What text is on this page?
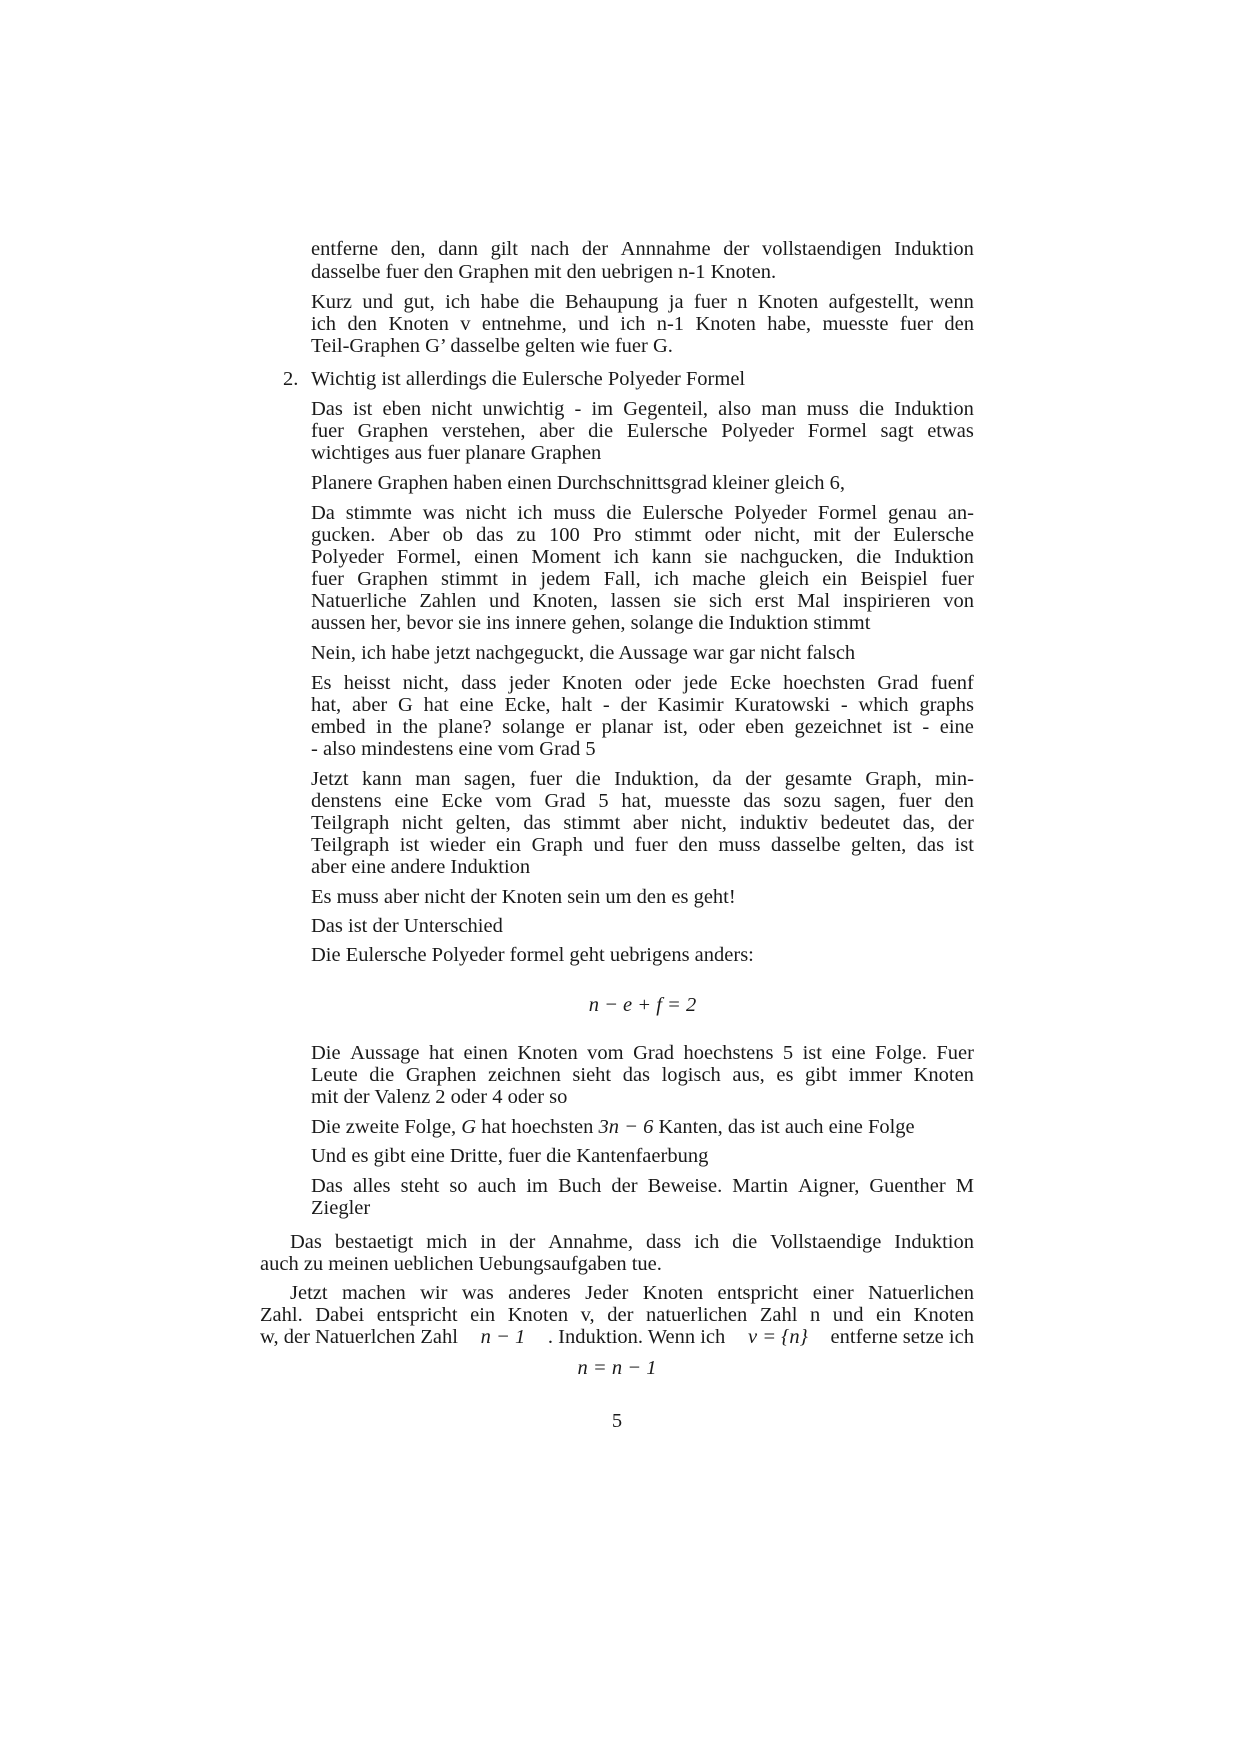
entferne den, dann gilt nach der Annnahme der vollstaendigen Induktion
dasselbe fuer den Graphen mit den uebrigen n-1 Knoten.
Kurz und gut, ich habe die Behaupung ja fuer n Knoten aufgestellt, wenn
ich den Knoten v entnehme, und ich n-1 Knoten habe, muesste fuer den
Teil-Graphen G’ dasselbe gelten wie fuer G.
2. Wichtig ist allerdings die Eulersche Polyeder Formel
Das ist eben nicht unwichtig - im Gegenteil, also man muss die Induktion
fuer Graphen verstehen, aber die Eulersche Polyeder Formel sagt etwas
wichtiges aus fuer planare Graphen
Planere Graphen haben einen Durchschnittsgrad kleiner gleich 6,
Da stimmte was nicht ich muss die Eulersche Polyeder Formel genau an-
gucken. Aber ob das zu 100 Pro stimmt oder nicht, mit der Eulersche
Polyeder Formel, einen Moment ich kann sie nachgucken, die Induktion
fuer Graphen stimmt in jedem Fall, ich mache gleich ein Beispiel fuer
Natuerliche Zahlen und Knoten, lassen sie sich erst Mal inspirieren von
aussen her, bevor sie ins innere gehen, solange die Induktion stimmt
Nein, ich habe jetzt nachgeguckt, die Aussage war gar nicht falsch
Es heisst nicht, dass jeder Knoten oder jede Ecke hoechsten Grad fuenf
hat, aber G hat eine Ecke, halt - der Kasimir Kuratowski - which graphs
embed in the plane? solange er planar ist, oder eben gezeichnet ist - eine
- also mindestens eine vom Grad 5
Jetzt kann man sagen, fuer die Induktion, da der gesamte Graph, min-
denstens eine Ecke vom Grad 5 hat, muesste das sozu sagen, fuer den
Teilgraph nicht gelten, das stimmt aber nicht, induktiv bedeutet das, der
Teilgraph ist wieder ein Graph und fuer den muss dasselbe gelten, das ist
aber eine andere Induktion
Es muss aber nicht der Knoten sein um den es geht!
Das ist der Unterschied
Die Eulersche Polyeder formel geht uebrigens anders:
n − e + f = 2
Die Aussage hat einen Knoten vom Grad hoechstens 5 ist eine Folge. Fuer
Leute die Graphen zeichnen sieht das logisch aus, es gibt immer Knoten
mit der Valenz 2 oder 4 oder so
Die zweite Folge, G hat hoechsten 3n − 6 Kanten, das ist auch eine Folge
Und es gibt eine Dritte, fuer die Kantenfaerbung
Das alles steht so auch im Buch der Beweise. Martin Aigner, Guenther M
Ziegler
Das bestaetigt mich in der Annahme, dass ich die Vollstaendige Induktion
auch zu meinen ueblichen Uebungsaufgaben tue.
Jetzt machen wir was anderes Jeder Knoten entspricht einer Natuerlichen
Zahl. Dabei entspricht ein Knoten v, der natuerlichen Zahl n und ein Knoten
w, der Natuerlchen Zahl n − 1 . Induktion. Wenn ich v = {n} entferne setze ich
n = n − 1
5
